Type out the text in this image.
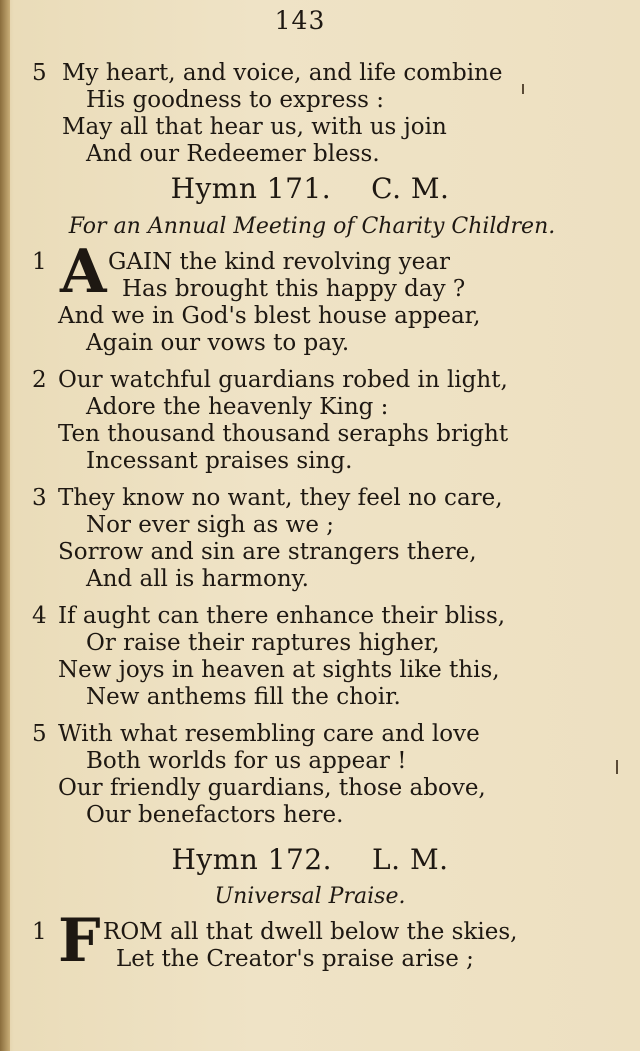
143
5 My heart, and voice, and life combine
His goodness to express :
May all that hear us, with us join
And our Redeemer bless.
Hymn 171. C. M.
For an Annual Meeting of Charity Children.
1 A GAIN the kind revolving year
Has brought this happy day ?
And we in God's blest house appear,
Again our vows to pay.
2 Our watchful guardians robed in light,
Adore the heavenly King :
Ten thousand thousand seraphs bright
Incessant praises sing.
3 They know no want, they feel no care,
Nor ever sigh as we ;
Sorrow and sin are strangers there,
And all is harmony.
4 If aught can there enhance their bliss,
Or raise their raptures higher,
New joys in heaven at sights like this,
New anthems fill the choir.
5 With what resembling care and love
Both worlds for us appear !
Our friendly guardians, those above,
Our benefactors here.
Hymn 172. L. M.
Universal Praise.
1 F ROM all that dwell below the skies,
Let the Creator's praise arise ;
